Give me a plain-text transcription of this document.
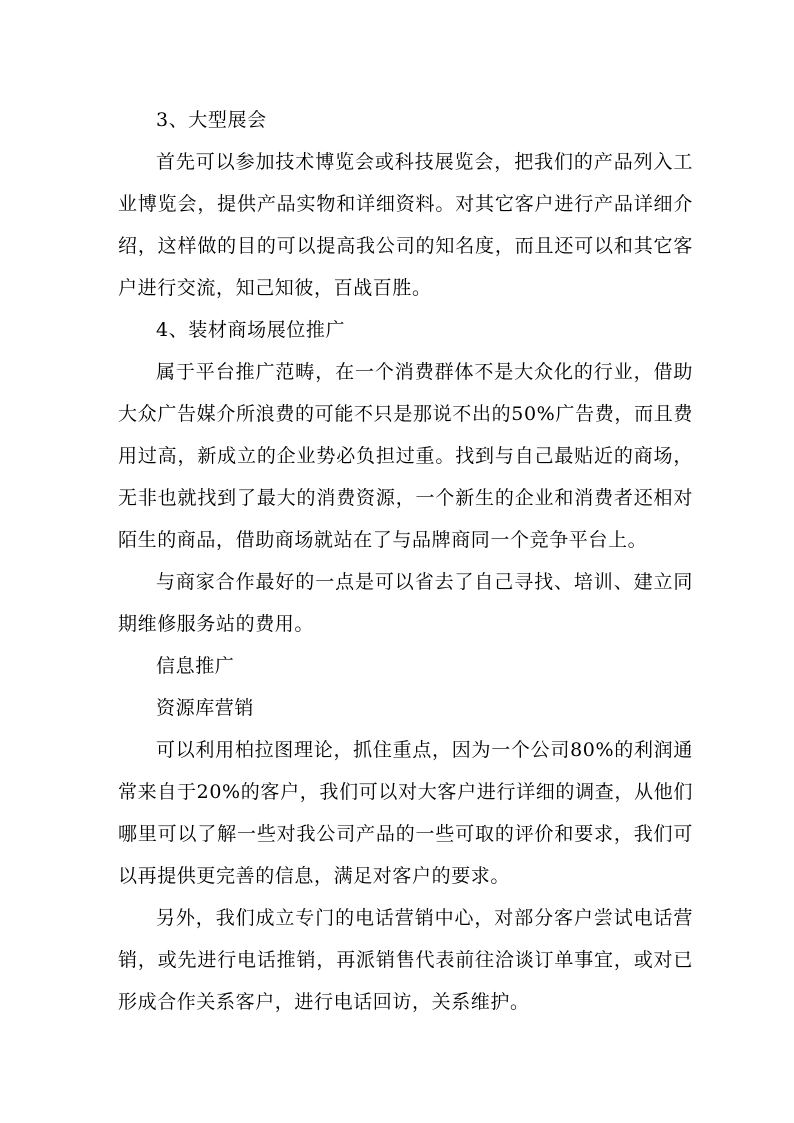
3、大型展会

首先可以参加技术博览会或科技展览会，把我们的产品列入工业博览会，提供产品实物和详细资料。对其它客户进行产品详细介绍，这样做的目的可以提高我公司的知名度，而且还可以和其它客户进行交流，知己知彼，百战百胜。

4、装材商场展位推广

属于平台推广范畴，在一个消费群体不是大众化的行业，借助大众广告媒介所浪费的可能不只是那说不出的50%广告费，而且费用过高，新成立的企业势必负担过重。找到与自己最贴近的商场，无非也就找到了最大的消费资源，一个新生的企业和消费者还相对陌生的商品，借助商场就站在了与品牌商同一个竞争平台上。

与商家合作最好的一点是可以省去了自己寻找、培训、建立同期维修服务站的费用。

信息推广

资源库营销

可以利用柏拉图理论，抓住重点，因为一个公司80%的利润通常来自于20%的客户，我们可以对大客户进行详细的调查，从他们哪里可以了解一些对我公司产品的一些可取的评价和要求，我们可以再提供更完善的信息，满足对客户的要求。

另外，我们成立专门的电话营销中心，对部分客户尝试电话营销，或先进行电话推销，再派销售代表前往洽谈订单事宜，或对已形成合作关系客户，进行电话回访，关系维护。
